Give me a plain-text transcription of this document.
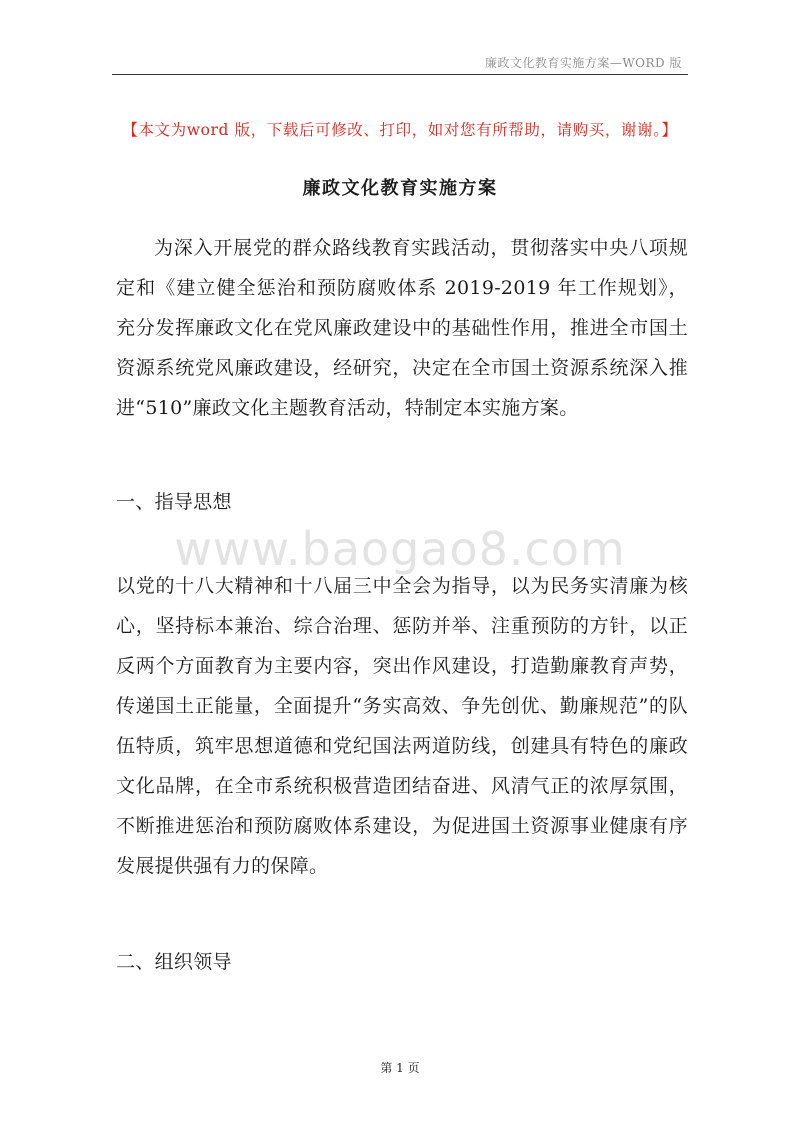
廉政文化教育实施方案—WORD 版
【本文为word 版，下载后可修改、打印，如对您有所帮助，请购买，谢谢。】
廉政文化教育实施方案

为深入开展党的群众路线教育实践活动，贯彻落实中央八项规定和《建立健全惩治和预防腐败体系 2019-2019 年工作规划》，充分发挥廉政文化在党风廉政建设中的基础性作用，推进全市国土资源系统党风廉政建设，经研究，决定在全市国土资源系统深入推进“510”廉政文化主题教育活动，特制定本实施方案。

一、指导思想

www.baogao8.com

以党的十八大精神和十八届三中全会为指导，以为民务实清廉为核心，坚持标本兼治、综合治理、惩防并举、注重预防的方针，以正反两个方面教育为主要内容，突出作风建设，打造勤廉教育声势，传递国土正能量，全面提升“务实高效、争先创优、勤廉规范”的队伍特质，筑牢思想道德和党纪国法两道防线，创建具有特色的廉政文化品牌，在全市系统积极营造团结奋进、风清气正的浓厚氛围，不断推进惩治和预防腐败体系建设，为促进国土资源事业健康有序发展提供强有力的保障。

二、组织领导

第 1 页
